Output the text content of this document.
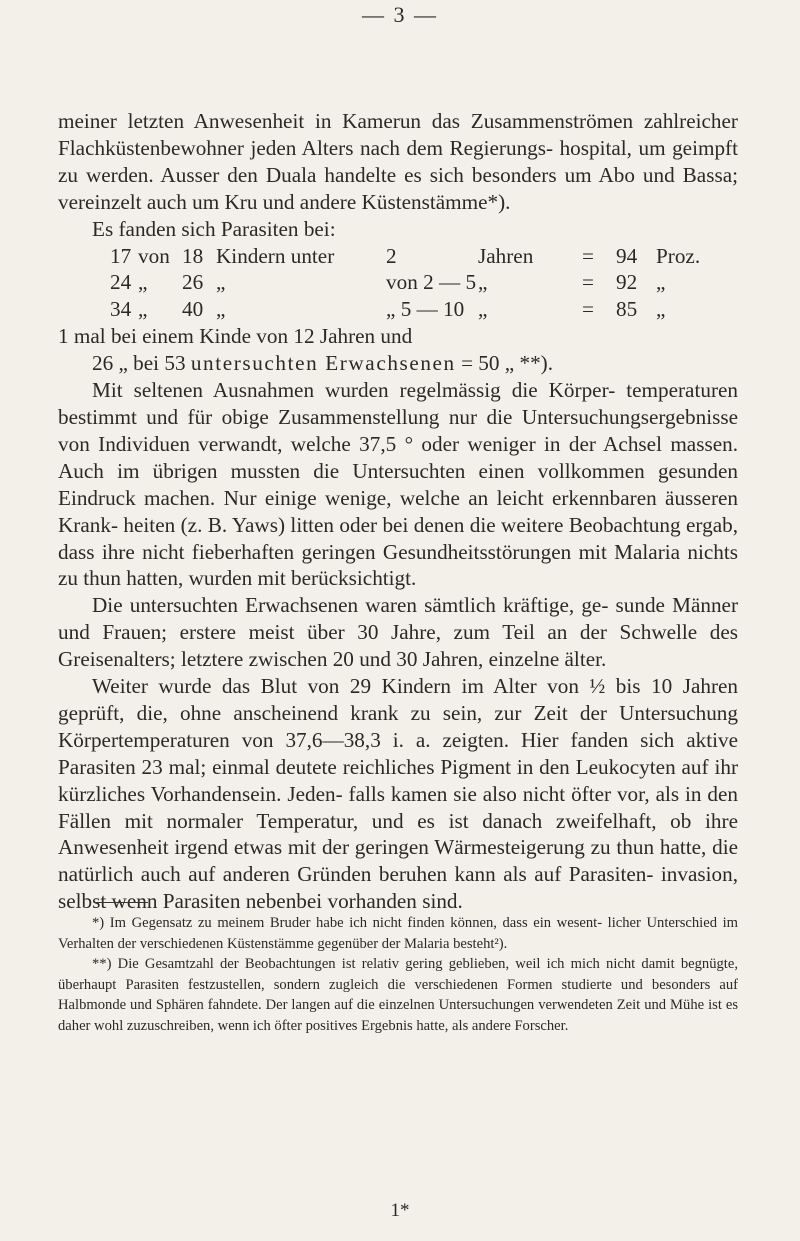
— 3 —

meiner letzten Anwesenheit in Kamerun das Zusammenströmen zahlreicher Flachküstenbewohner jeden Alters nach dem Regierungs- hospital, um geimpft zu werden. Ausser den Duala handelte es sich besonders um Abo und Bassa; vereinzelt auch um Kru und andere Küstenstämme*).

Es fanden sich Parasiten bei:

17	von	18	Kindern unter	2	Jahren	=	94	Proz.
24	„	26	„	von 2 — 5	„	=	92	„
34	„	40	„	„ 5 — 10	„	=	85	„
1 mal bei einem Kinde von 12 Jahren und
26 „ bei 53 untersuchten Erwachsenen = 50 „ **).

Mit seltenen Ausnahmen wurden regelmässig die Körper- temperaturen bestimmt und für obige Zusammenstellung nur die Untersuchungsergebnisse von Individuen verwandt, welche 37,5 ° oder weniger in der Achsel massen. Auch im übrigen mussten die Untersuchten einen vollkommen gesunden Eindruck machen. Nur einige wenige, welche an leicht erkennbaren äusseren Krank- heiten (z. B. Yaws) litten oder bei denen die weitere Beobachtung ergab, dass ihre nicht fieberhaften geringen Gesundheitsstörungen mit Malaria nichts zu thun hatten, wurden mit berücksichtigt.

Die untersuchten Erwachsenen waren sämtlich kräftige, ge- sunde Männer und Frauen; erstere meist über 30 Jahre, zum Teil an der Schwelle des Greisenalters; letztere zwischen 20 und 30 Jahren, einzelne älter.

Weiter wurde das Blut von 29 Kindern im Alter von ½ bis 10 Jahren geprüft, die, ohne anscheinend krank zu sein, zur Zeit der Untersuchung Körpertemperaturen von 37,6—38,3 i. a. zeigten. Hier fanden sich aktive Parasiten 23 mal; einmal deutete reichliches Pigment in den Leukocyten auf ihr kürzliches Vorhandensein. Jeden- falls kamen sie also nicht öfter vor, als in den Fällen mit normaler Temperatur, und es ist danach zweifelhaft, ob ihre Anwesenheit irgend etwas mit der geringen Wärmesteigerung zu thun hatte, die natürlich auch auf anderen Gründen beruhen kann als auf Parasiten- invasion, selbst wenn Parasiten nebenbei vorhanden sind.

*) Im Gegensatz zu meinem Bruder habe ich nicht finden können, dass ein wesent- licher Unterschied im Verhalten der verschiedenen Küstenstämme gegenüber der Malaria besteht²).

**) Die Gesamtzahl der Beobachtungen ist relativ gering geblieben, weil ich mich nicht damit begnügte, überhaupt Parasiten festzustellen, sondern zugleich die verschiedenen Formen studierte und besonders auf Halbmonde und Sphären fahndete. Der langen auf die einzelnen Untersuchungen verwendeten Zeit und Mühe ist es daher wohl zuzuschreiben, wenn ich öfter positives Ergebnis hatte, als andere Forscher.

1*
